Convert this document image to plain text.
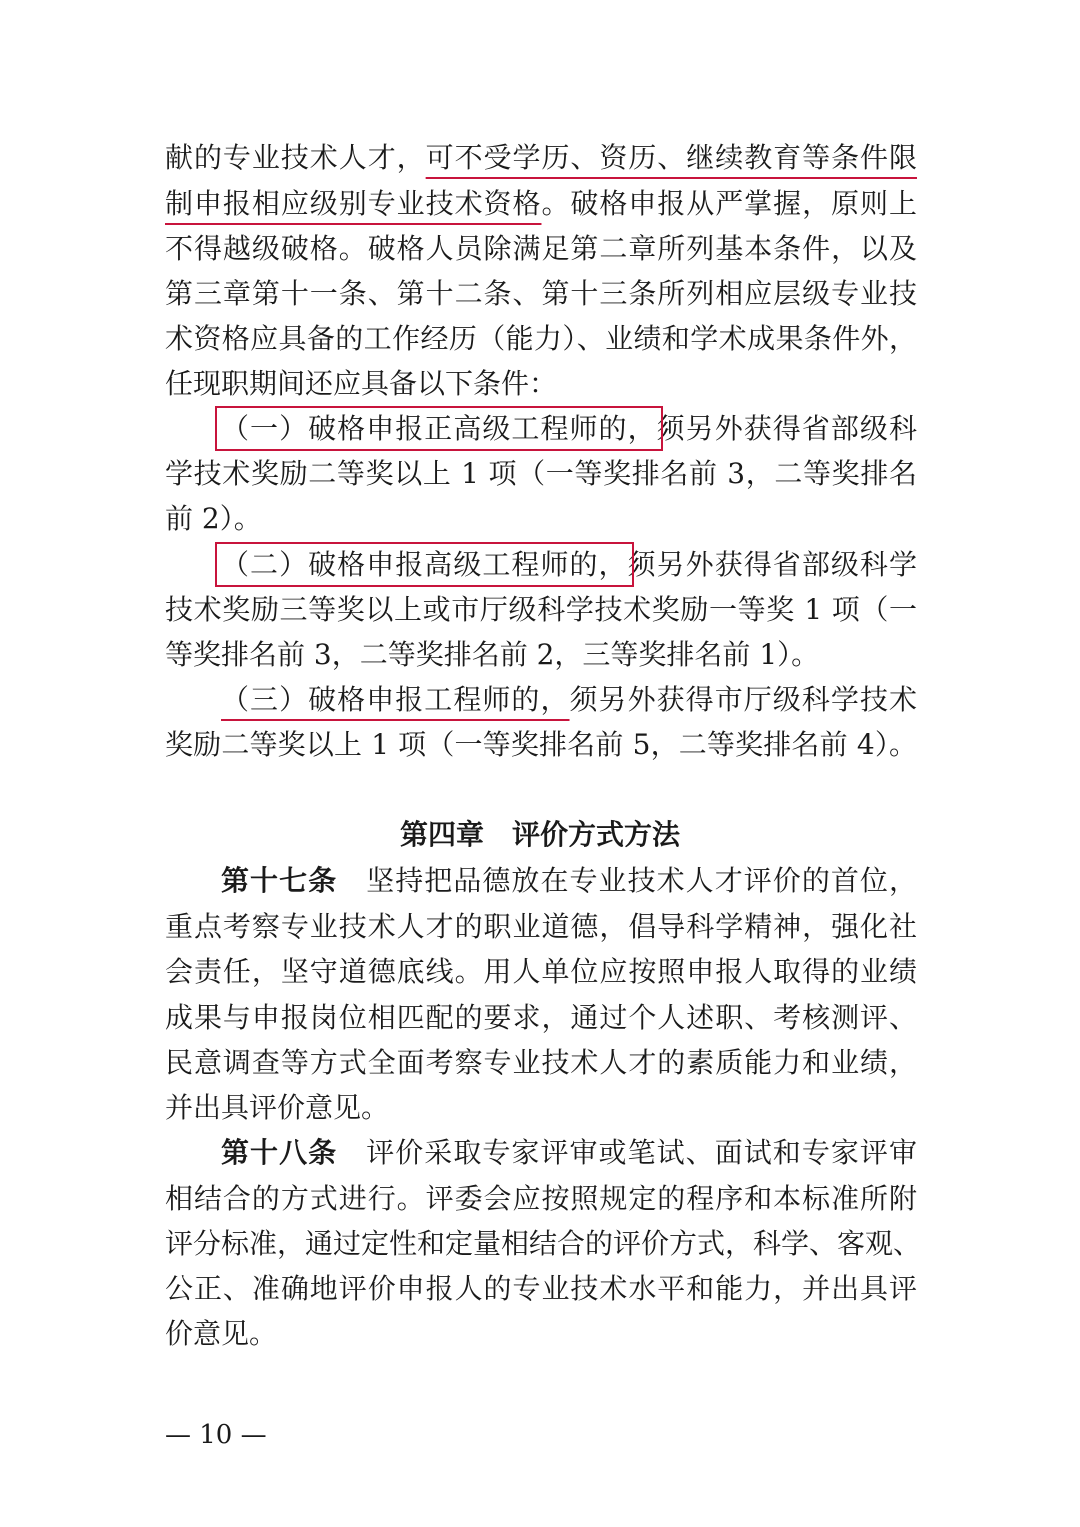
献的专业技术人才，可不受学历、资历、继续教育等条件限
制申报相应级别专业技术资格。破格申报从严掌握，原则上
不得越级破格。破格人员除满足第二章所列基本条件，以及
第三章第十一条、第十二条、第十三条所列相应层级专业技
术资格应具备的工作经历（能力）、业绩和学术成果条件外，
任现职期间还应具备以下条件：
（一）破格申报正高级工程师的，须另外获得省部级科
学技术奖励二等奖以上 1 项（一等奖排名前 3，二等奖排名
前 2）。
（二）破格申报高级工程师的，须另外获得省部级科学
技术奖励三等奖以上或市厅级科学技术奖励一等奖 1 项（一
等奖排名前 3，二等奖排名前 2，三等奖排名前 1）。
（三）破格申报工程师的，须另外获得市厅级科学技术
奖励二等奖以上 1 项（一等奖排名前 5，二等奖排名前 4）。
第四章　评价方式方法
第十七条　坚持把品德放在专业技术人才评价的首位，
重点考察专业技术人才的职业道德，倡导科学精神，强化社
会责任，坚守道德底线。用人单位应按照申报人取得的业绩
成果与申报岗位相匹配的要求，通过个人述职、考核测评、
民意调查等方式全面考察专业技术人才的素质能力和业绩，
并出具评价意见。
第十八条　评价采取专家评审或笔试、面试和专家评审
相结合的方式进行。评委会应按照规定的程序和本标准所附
评分标准，通过定性和定量相结合的评价方式，科学、客观、
公正、准确地评价申报人的专业技术水平和能力，并出具评
价意见。
— 10 —
